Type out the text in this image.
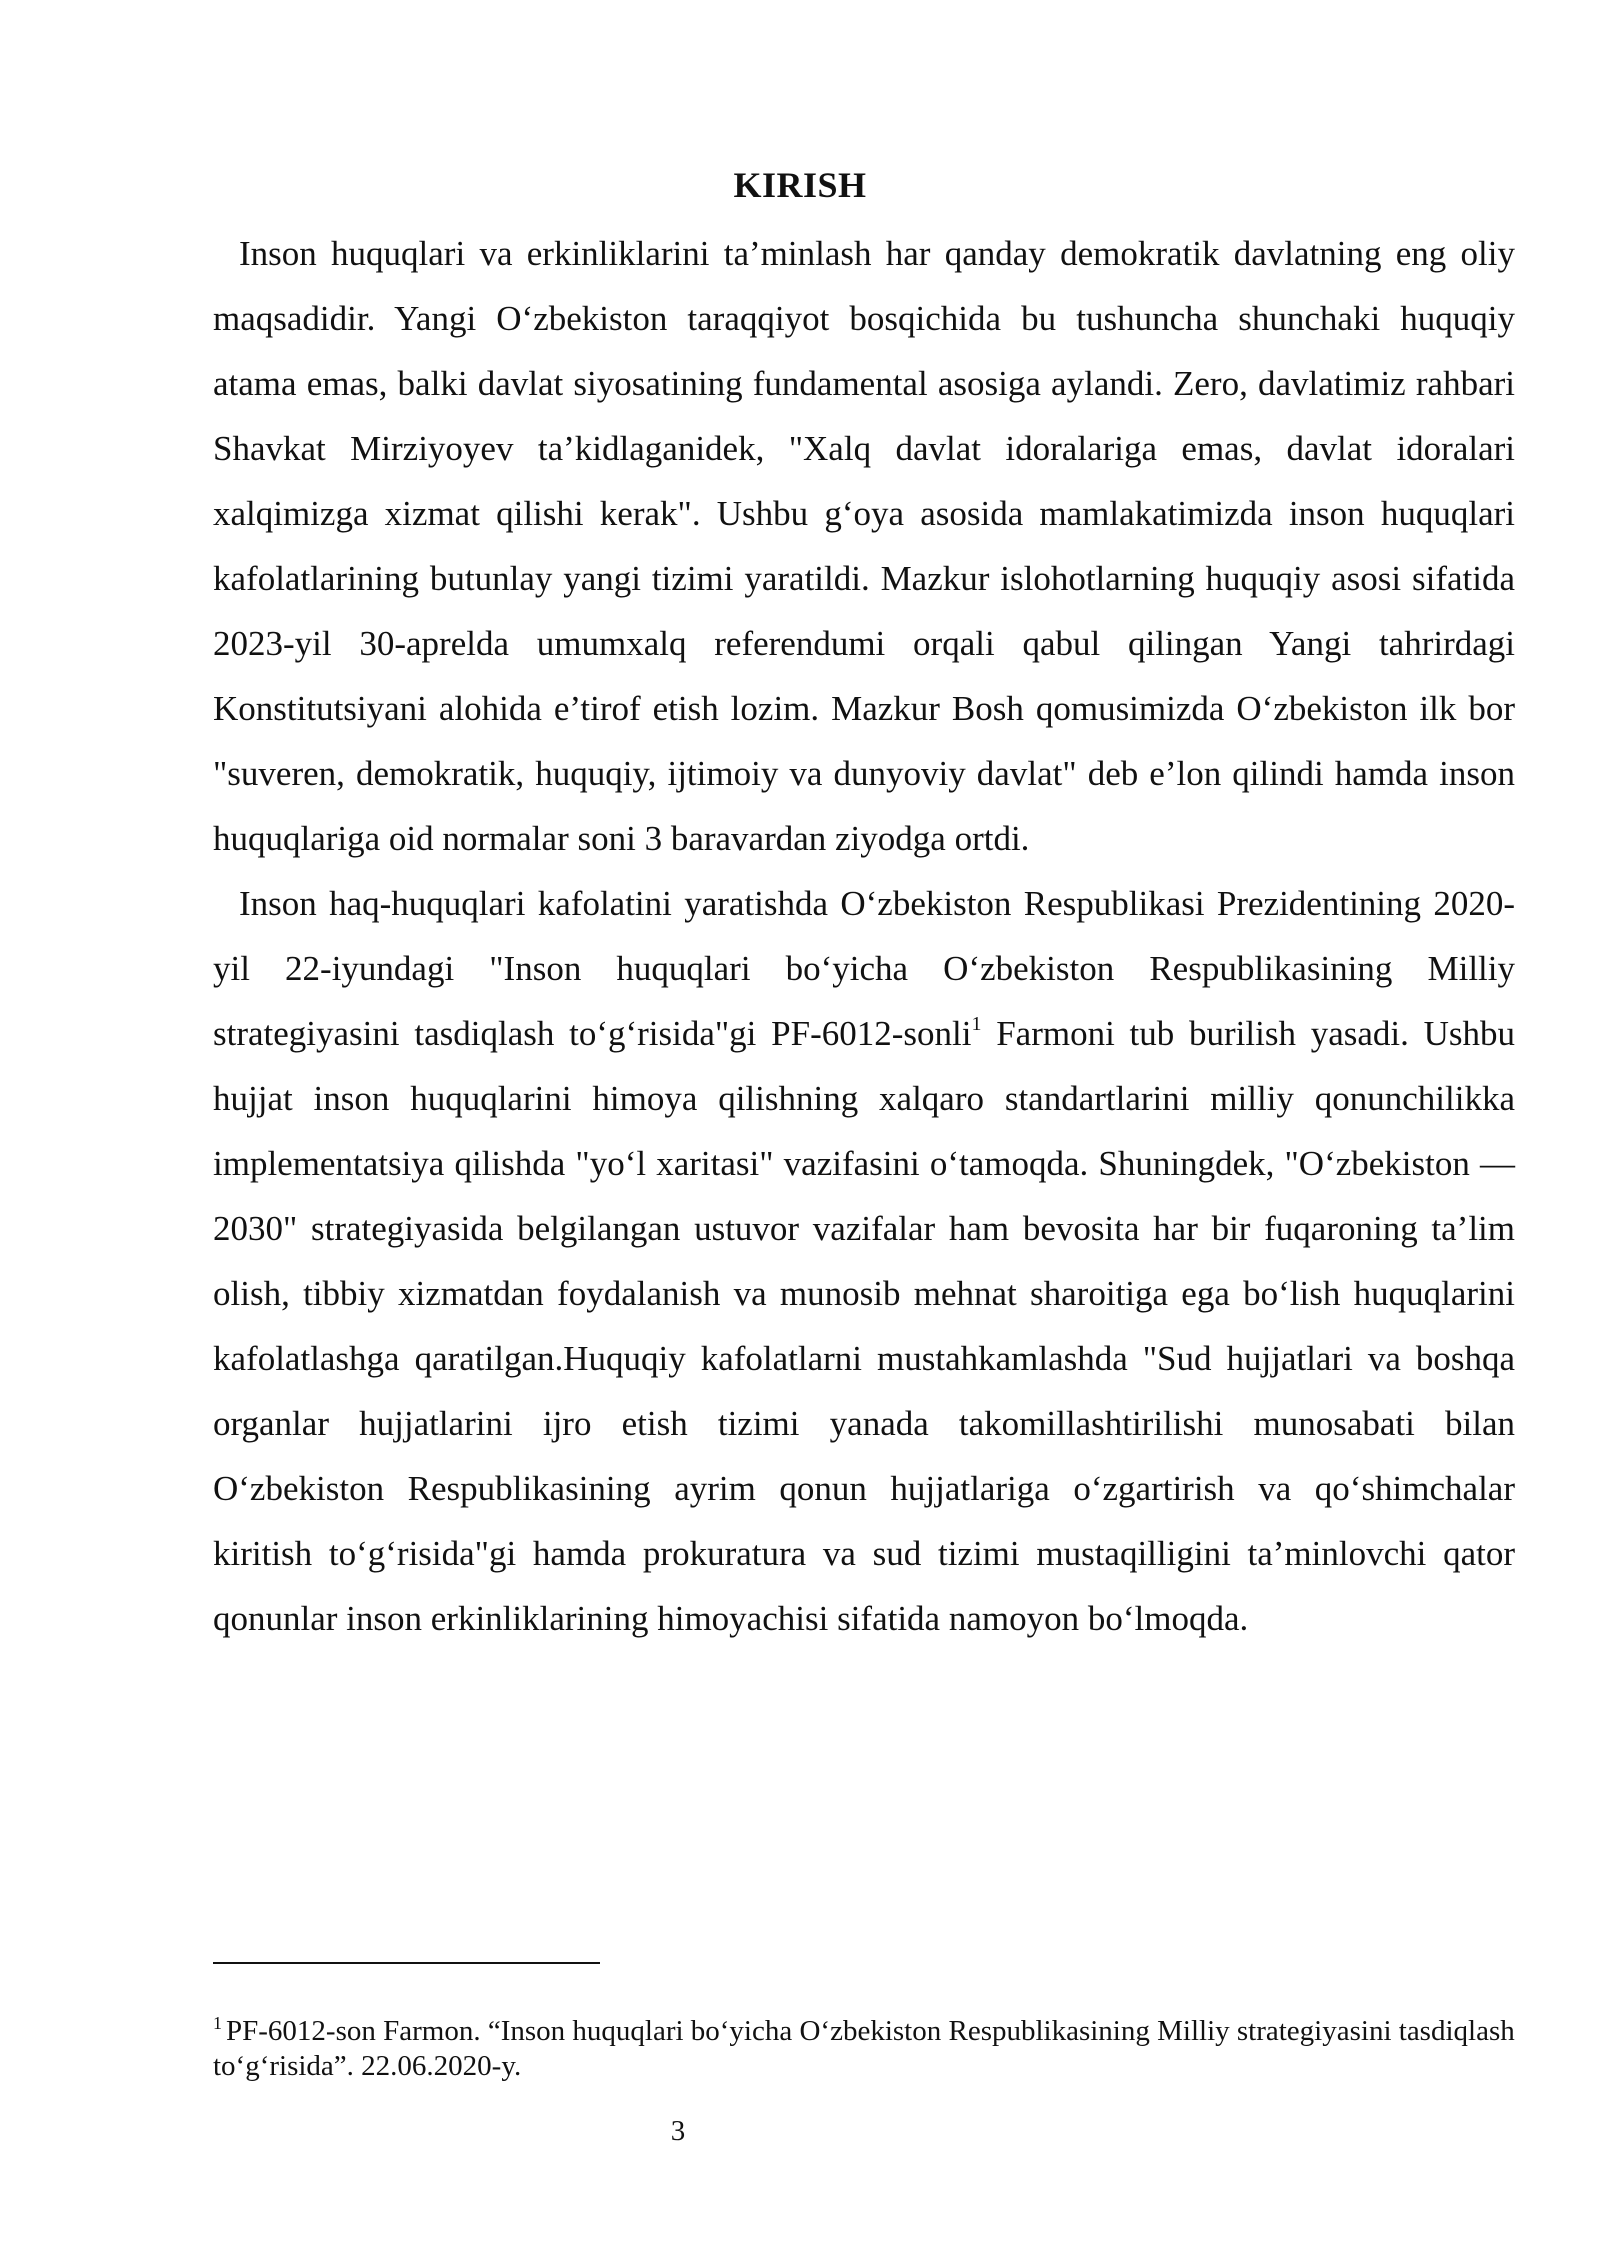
KIRISH

Inson huquqlari va erkinliklarini ta’minlash har qanday demokratik davlatning eng oliy maqsadidir. Yangi O‘zbekiston taraqqiyot bosqichida bu tushuncha shunchaki huquqiy atama emas, balki davlat siyosatining fundamental asosiga aylandi. Zero, davlatimiz rahbari Shavkat Mirziyoyev ta’kidlaganidek, "Xalq davlat idoralariga emas, davlat idoralari xalqimizga xizmat qilishi kerak". Ushbu g‘oya asosida mamlakatimizda inson huquqlari kafolatlarining butunlay yangi tizimi yaratildi. Mazkur islohotlarning huquqiy asosi sifatida 2023-yil 30-aprelda umumxalq referendumi orqali qabul qilingan Yangi tahrirdagi Konstitutsiyani alohida e’tirof etish lozim. Mazkur Bosh qomusimizda O‘zbekiston ilk bor "suveren, demokratik, huquqiy, ijtimoiy va dunyoviy davlat" deb e’lon qilindi hamda inson huquqlariga oid normalar soni 3 baravardan ziyodga ortdi.

Inson haq-huquqlari kafolatini yaratishda O‘zbekiston Respublikasi Prezidentining 2020-yil 22-iyundagi "Inson huquqlari bo‘yicha O‘zbekiston Respublikasining Milliy strategiyasini tasdiqlash to‘g‘risida"gi PF-6012-sonli$^1$ Farmoni tub burilish yasadi. Ushbu hujjat inson huquqlarini himoya qilishning xalqaro standartlarini milliy qonunchilikka implementatsiya qilishda "yo‘l xaritasi" vazifasini o‘tamoqda. Shuningdek, "O‘zbekiston — 2030" strategiyasida belgilangan ustuvor vazifalar ham bevosita har bir fuqaroning ta’lim olish, tibbiy xizmatdan foydalanish va munosib mehnat sharoitiga ega bo‘lish huquqlarini kafolatlashga qaratilgan.Huquqiy kafolatlarni mustahkamlashda "Sud hujjatlari va boshqa organlar hujjatlarini ijro etish tizimi yanada takomillashtirilishi munosabati bilan O‘zbekiston Respublikasining ayrim qonun hujjatlariga o‘zgartirish va qo‘shimchalar kiritish to‘g‘risida"gi hamda prokuratura va sud tizimi mustaqilligini ta’minlovchi qator qonunlar inson erkinliklarining himoyachisi sifatida namoyon bo‘lmoqda.

$^1$ PF-6012-son Farmon. “Inson huquqlari bo‘yicha O‘zbekiston Respublikasining Milliy strategiyasini tasdiqlash to‘g‘risida”. 22.06.2020-y.
3
